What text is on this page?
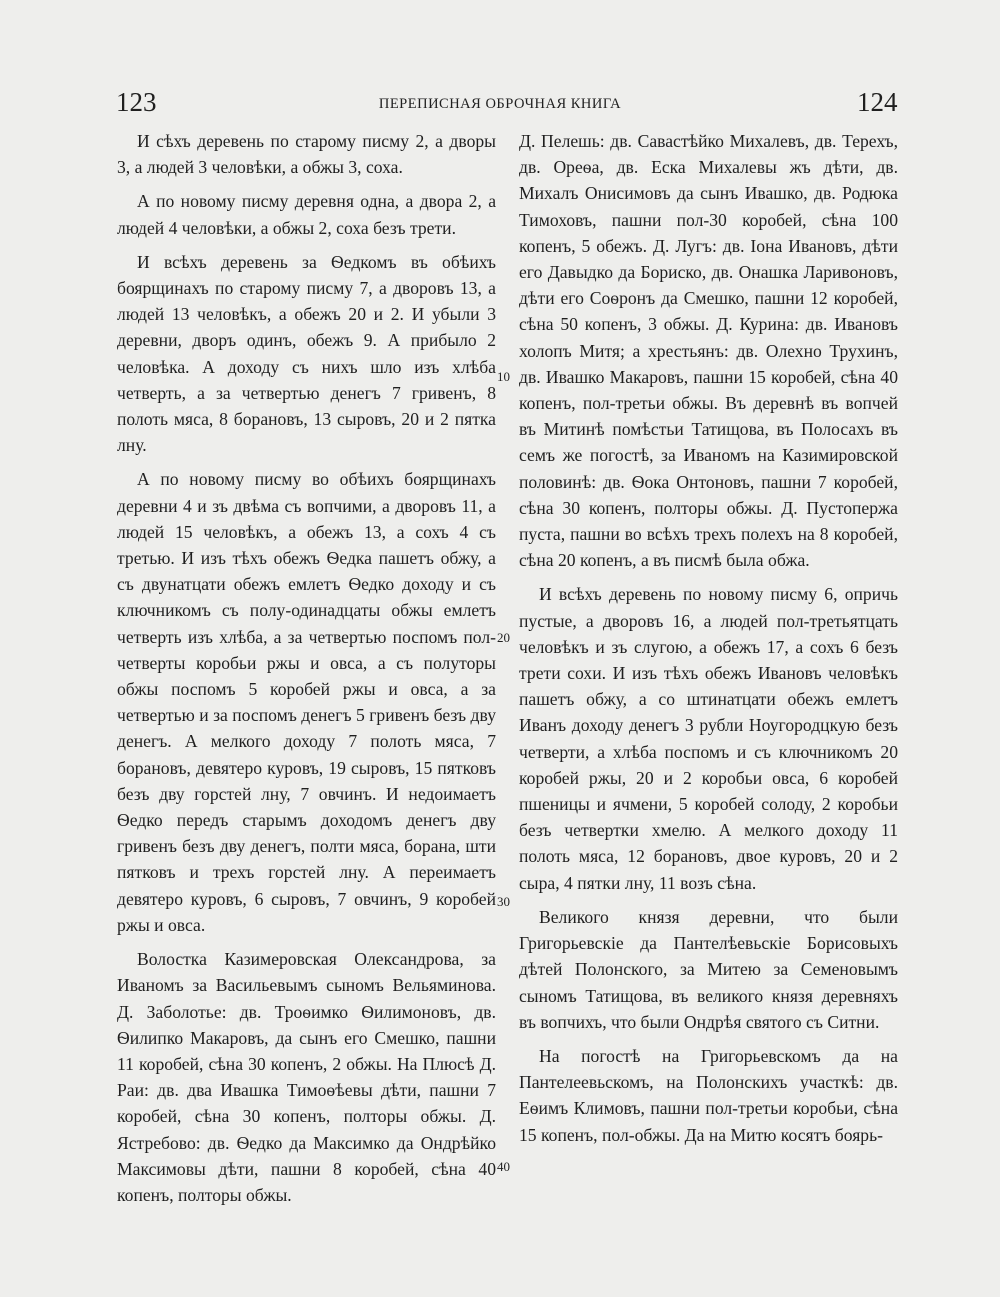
123	ПЕРЕПИСНАЯ ОБРОЧНАЯ КНИГА	124

И сѣхъ деревень по старому писму 2, а дворы 3, а людей 3 человѣки, а обжы 3, соха.

А по новому писму деревня одна, а двора 2, а людей 4 человѣки, а обжы 2, соха безъ трети.

И всѣхъ деревень за Ѳедкомъ въ обѣихъ боярщинахъ по старому писму 7, а дворовъ 13, а людей 13 человѣкъ, а обежъ 20 и 2. И убыли 3 деревни, дворъ одинъ, обежъ 9. А прибыло 2 человѣка. А доходу съ нихъ шло изъ хлѣба четверть, а за четвертью денегъ 7 гривенъ, 8 полоть мяса, 8 борановъ, 13 сыровъ, 20 и 2 пятка лну.

А по новому писму во обѣихъ боярщинахъ деревни 4 и зъ двѣма съ вопчими, а дворовъ 11, а людей 15 человѣкъ, а обежъ 13, а сохъ 4 съ третью. И изъ тѣхъ обежъ Ѳедка пашетъ обжу, а съ двунатцати обежъ емлетъ Ѳедко доходу и съ ключникомъ съ полу-одинадцаты обжы емлетъ четверть изъ хлѣба, а за четвертью поспомъ пол-четверты коробьи ржы и овса, а съ полуторы обжы поспомъ 5 коробей ржы и овса, а за четвертью и за поспомъ денегъ 5 гривенъ безъ дву денегъ. А мелкого доходу 7 полоть мяса, 7 борановъ, девятеро куровъ, 19 сыровъ, 15 пятковъ безъ дву горстей лну, 7 овчинъ. И недоимаетъ Ѳедко передъ старымъ доходомъ денегъ дву гривенъ безъ дву денегъ, полти мяса, борана, шти пятковъ и трехъ горстей лну. А переимаетъ девятеро куровъ, 6 сыровъ, 7 овчинъ, 9 коробей ржы и овса.

Волостка Казимеровская Олександрова, за Иваномъ за Васильевымъ сыномъ Вельяминова. Д. Заболотье: дв. Троѳимко Ѳилимоновъ, дв. Ѳилипко Макаровъ, да сынъ его Смешко, пашни 11 коробей, сѣна 30 копенъ, 2 обжы. На Плюсѣ Д. Раи: дв. два Ивашка Тимоѳѣевы дѣти, пашни 7 коробей, сѣна 30 копенъ, полторы обжы. Д. Ястребово: дв. Ѳедко да Максимко да Ондрѣйко Максимовы дѣти, пашни 8 коробей, сѣна 40 копенъ, полторы обжы.

10
20
30
40

Д. Пелешь: дв. Савастѣйко Михалевъ, дв. Терехъ, дв. Ореѳа, дв. Еска Михалевы жъ дѣти, дв. Михалъ Онисимовъ да сынъ Ивашко, дв. Родюка Тимоховъ, пашни пол-30 коробей, сѣна 100 копенъ, 5 обежъ. Д. Лугъ: дв. Іона Ивановъ, дѣти его Давыдко да Бориско, дв. Онашка Ларивоновъ, дѣти его Соѳронъ да Смешко, пашни 12 коробей, сѣна 50 копенъ, 3 обжы. Д. Курина: дв. Ивановъ холопъ Митя; а хрестьянъ: дв. Олехно Трухинъ, дв. Ивашко Макаровъ, пашни 15 коробей, сѣна 40 копенъ, пол-третьи обжы. Въ деревнѣ въ вопчей въ Митинѣ помѣстьи Татищова, въ Полосахъ въ семъ же погостѣ, за Иваномъ на Казимировской половинѣ: дв. Ѳока Онтоновъ, пашни 7 коробей, сѣна 30 копенъ, полторы обжы. Д. Пустопержа пуста, пашни во всѣхъ трехъ полехъ на 8 коробей, сѣна 20 копенъ, а въ писмѣ была обжа.

И всѣхъ деревень по новому писму 6, опричь пустые, а дворовъ 16, а людей пол-третьятцать человѣкъ и зъ слугою, а обежъ 17, а сохъ 6 безъ трети сохи. И изъ тѣхъ обежъ Ивановъ человѣкъ пашетъ обжу, а со штинатцати обежъ емлетъ Иванъ доходу денегъ 3 рубли Ноугородцкую безъ четверти, а хлѣба поспомъ и съ ключникомъ 20 коробей ржы, 20 и 2 коробьи овса, 6 коробей пшеницы и ячмени, 5 коробей солоду, 2 коробьи безъ четвертки хмелю. А мелкого доходу 11 полоть мяса, 12 борановъ, двое куровъ, 20 и 2 сыра, 4 пятки лну, 11 возъ сѣна.

Великого князя деревни, что были Григорьевскіе да Пантелѣевьскіе Борисовыхъ дѣтей Полонского, за Митею за Семеновымъ сыномъ Татищова, въ великого князя деревняхъ въ вопчихъ, что были Ондрѣя святого съ Ситни.

На погостѣ на Григорьевскомъ да на Пантелеевьскомъ, на Полонскихъ участкѣ: дв. Еѳимъ Климовъ, пашни пол-третьи коробьи, сѣна 15 копенъ, пол-обжы. Да на Митю косятъ боярь-
